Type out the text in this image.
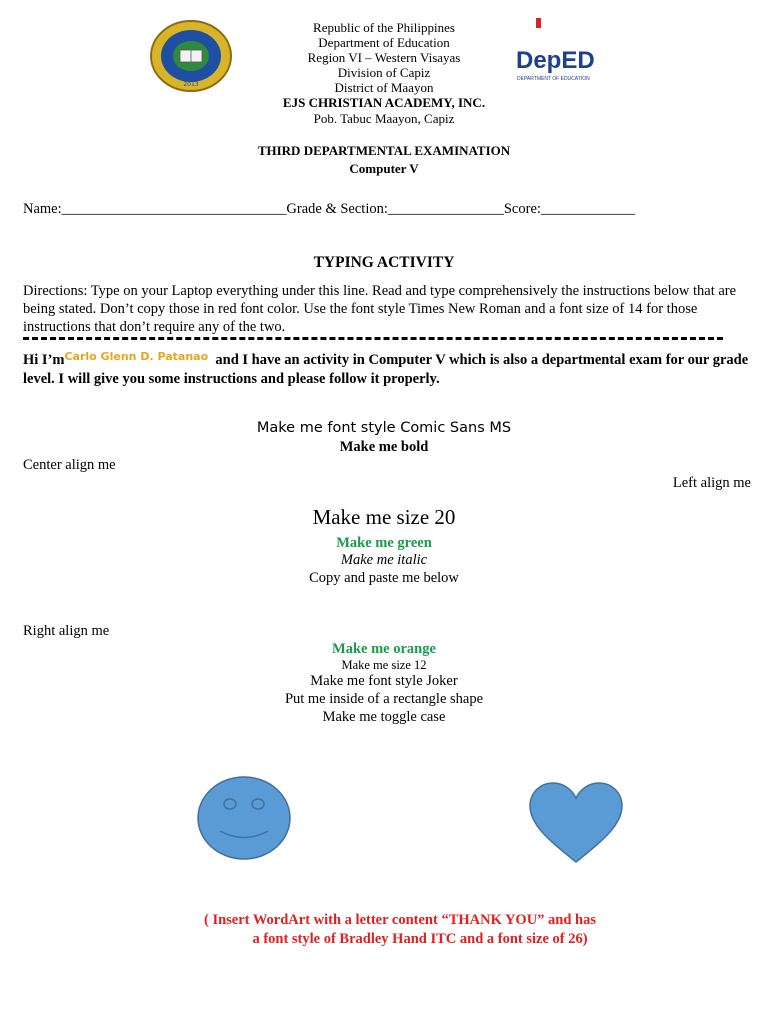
2013
DepED
DEPARTMENT OF EDUCATION
Republic of the Philippines
Department of Education
Region VI – Western Visayas
Division of Capiz
District of Maayon
EJS CHRISTIAN ACADEMY, INC.
Pob. Tabuc Maayon, Capiz
THIRD DEPARTMENTAL EXAMINATION
Computer V
Name:_______________________________Grade & Section:________________Score:_____________
TYPING ACTIVITY
Directions: Type on your Laptop everything under this line. Read and type comprehensively the instructions below that are being stated. Don’t copy those in red font color. Use the font style Times New Roman and a font size of 14 for those instructions that don’t require any of the two.
Hi $I’m^{Carlo Glenn D. Patanao}$ and I have an activity in Computer V which is also a departmental exam for our grade level. I will give you some instructions and please follow it properly.
Make me font style Comic Sans MS
Make me bold
Center align me
Left align me
Make me size 20
Make me green
Make me italic
Copy and paste me below
Right align me
Make me orange
Make me size 12
Make me font style Joker
Put me inside of a rectangle shape
Make me toggle case
( Insert WordArt with a letter content “THANK YOU” and has
a font style of Bradley Hand ITC and a font size of 26)
